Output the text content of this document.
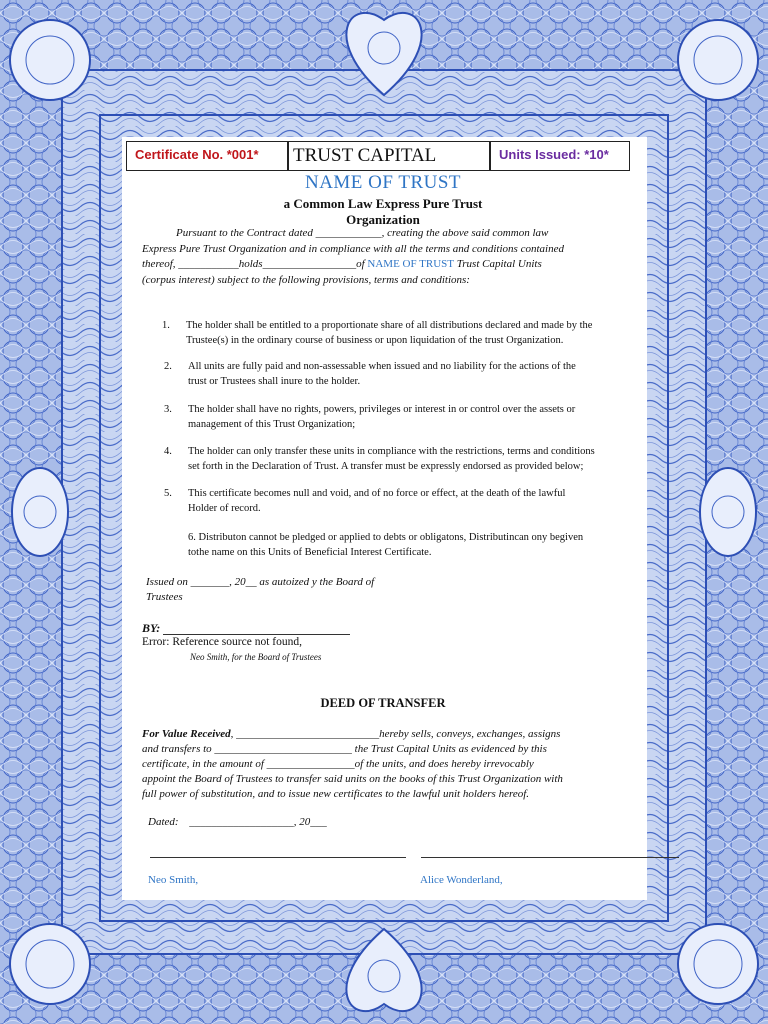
Certificate No. *001*	TRUST CAPITAL	Units Issued: *10*
NAME OF TRUST
a Common Law Express Pure Trust
Organization
Pursuant to the Contract dated ____________, creating the above said common law
Express Pure Trust Organization and in compliance with all the terms and conditions contained
thereof, ___________holds_________________of NAME OF TRUST Trust Capital Units
(corpus interest) subject to the following provisions, terms and conditions:
1. The holder shall be entitled to a proportionate share of all distributions declared and made by the
Trustee(s) in the ordinary course of business or upon liquidation of the trust Organization.
2. All units are fully paid and non-assessable when issued and no liability for the actions of the
trust or Trustees shall inure to the holder.
3. The holder shall have no rights, powers, privileges or interest in or control over the assets or
management of this Trust Organization;
4. The holder can only transfer these units in compliance with the restrictions, terms and conditions
set forth in the Declaration of Trust. A transfer must be expressly endorsed as provided below;
5. This certificate becomes null and void, and of no force or effect, at the death of the lawful
Holder of record.
6. Distributon cannot be pledged or applied to debts or obligatons, Distributincan ony begiven
tothe name on this Units of Beneficial Interest Certificate.
Issued on _______, 20__ as autoized y the Board of
Trustees
BY:
Error: Reference source not found,
Neo Smith, for the Board of Trustees
DEED OF TRANSFER
For Value Received, __________________________hereby sells, conveys, exchanges, assigns
and transfers to _________________________ the Trust Capital Units as evidenced by this
certificate, in the amount of ________________of the units, and does hereby irrevocably
appoint the Board of Trustees to transfer said units on the books of this Trust Organization with
full power of substitution, and to issue new certificates to the lawful unit holders hereof.
Dated: ___________________, 20___
Neo Smith,	Alice Wonderland,
